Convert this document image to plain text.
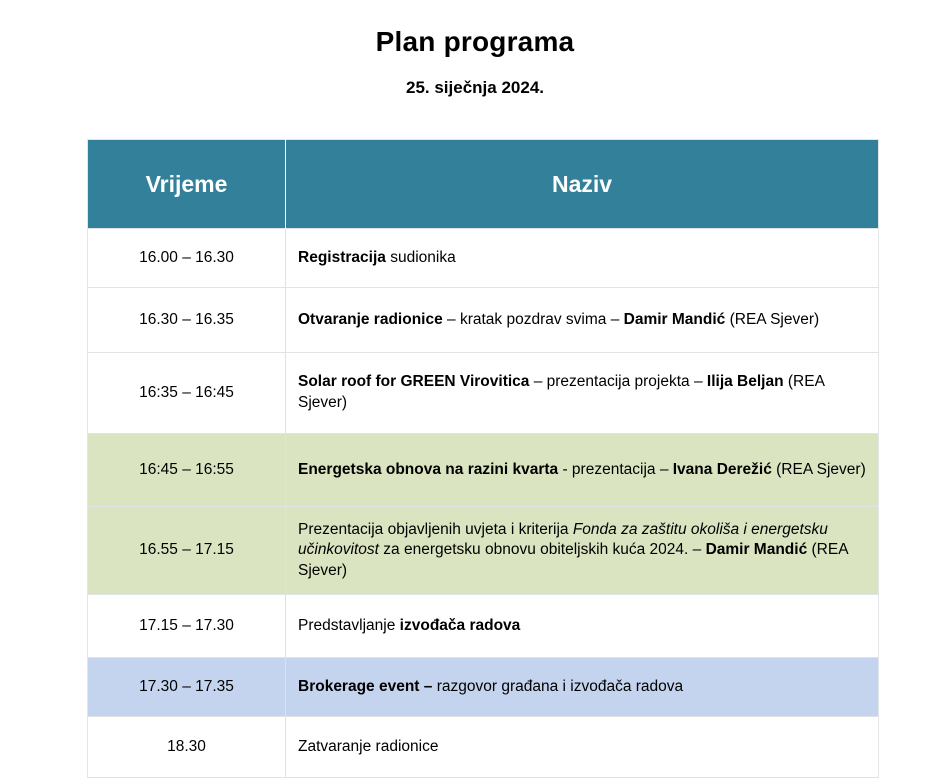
Plan programa
25. siječnja 2024.
Vrijeme	Naziv
16.00 – 16.30	Registracija sudionika
16.30 – 16.35	Otvaranje radionice – kratak pozdrav svima – Damir Mandić (REA Sjever)
16:35 – 16:45	Solar roof for GREEN Virovitica – prezentacija projekta – Ilija Beljan (REA Sjever)
16:45 – 16:55	Energetska obnova na razini kvarta - prezentacija – Ivana Derežić (REA Sjever)
16.55 – 17.15	Prezentacija objavljenih uvjeta i kriterija Fonda za zaštitu okoliša i energetsku učinkovitost za energetsku obnovu obiteljskih kuća 2024. – Damir Mandić (REA Sjever)
17.15 – 17.30	Predstavljanje izvođača radova
17.30 – 17.35	Brokerage event – razgovor građana i izvođača radova
18.30	Zatvaranje radionice
